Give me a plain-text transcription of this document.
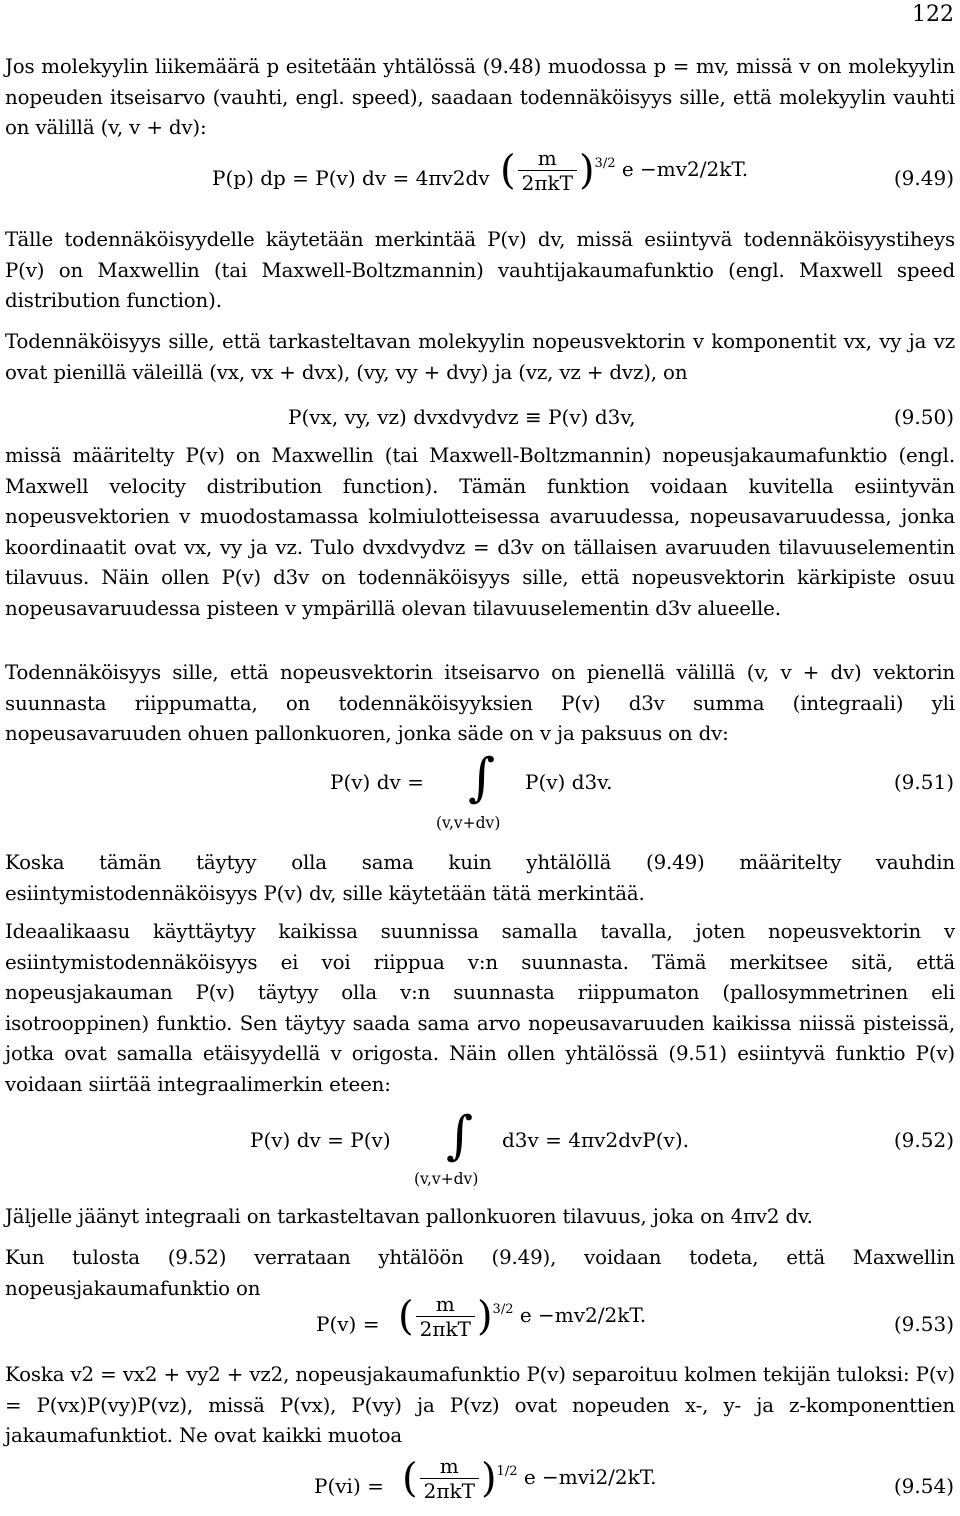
122
Jos molekyylin liikemäärä p esitetään yhtälössä (9.48) muodossa p = mv, missä v on molekyylin nopeuden itseisarvo (vauhti, engl. speed), saadaan todennäköisyys sille, että molekyylin vauhti on välillä (v, v + dv):
P(p) dp = P(v) dv = 4πv2dv ( $\frac{m}{\text{2πkT}} )^{3/2}$ e −mv2/2kT.	(9.49)
Tälle todennäköisyydelle käytetään merkintää P(v) dv, missä esiintyvä todennäköisyystiheys P(v) on Maxwellin (tai Maxwell-Boltzmannin) vauhtijakaumafunktio (engl. Maxwell speed distribution function).
Todennäköisyys sille, että tarkasteltavan molekyylin nopeusvektorin v komponentit vx, vy ja vz ovat pienillä väleillä (vx, vx + dvx), (vy, vy + dvy) ja (vz, vz + dvz), on
P(vx, vy, vz) dvxdvydvz ≡ P(v) d3v,	(9.50)
missä määritelty P(v) on Maxwellin (tai Maxwell-Boltzmannin) nopeusjakaumafunktio (engl. Maxwell velocity distribution function). Tämän funktion voidaan kuvitella esiintyvän nopeusvektorien v muodostamassa kolmiulotteisessa avaruudessa, nopeusavaruudessa, jonka koordinaatit ovat vx, vy ja vz. Tulo dvxdvydvz = d3v on tällaisen avaruuden tilavuuselementin tilavuus. Näin ollen P(v) d3v on todennäköisyys sille, että nopeusvektorin kärkipiste osuu nopeusavaruudessa pisteen v ympärillä olevan tilavuuselementin d3v alueelle.
Todennäköisyys sille, että nopeusvektorin itseisarvo on pienellä välillä (v, v + dv) vektorin suunnasta riippumatta, on todennäköisyyksien P(v) d3v summa (integraali) yli nopeusavaruuden ohuen pallonkuoren, jonka säde on v ja paksuus on dv:
P(v) dv = ∫
(v,v+dv)
P(v) d3v.	(9.51)
Koska tämän täytyy olla sama kuin yhtälöllä (9.49) määritelty vauhdin esiintymistodennäköisyys P(v) dv, sille käytetään tätä merkintää.
Ideaalikaasu käyttäytyy kaikissa suunnissa samalla tavalla, joten nopeusvektorin v esiintymistodennäköisyys ei voi riippua v:n suunnasta. Tämä merkitsee sitä, että nopeusjakauman P(v) täytyy olla v:n suunnasta riippumaton (pallosymmetrinen eli isotrooppinen) funktio. Sen täytyy saada sama arvo nopeusavaruuden kaikissa niissä pisteissä, jotka ovat samalla etäisyydellä v origosta. Näin ollen yhtälössä (9.51) esiintyvä funktio P(v) voidaan siirtää integraalimerkin eteen:
P(v) dv = P(v) ∫
(v,v+dv)
d3v = 4πv2dvP(v).	(9.52)
Jäljelle jäänyt integraali on tarkasteltavan pallonkuoren tilavuus, joka on 4πv2 dv.
Kun tulosta (9.52) verrataan yhtälöön (9.49), voidaan todeta, että Maxwellin nopeusjakaumafunktio on
P(v) = ( $\frac{m}{\text{2πkT}} )^{3/2}$ e −mv2/2kT.	(9.53)
Koska v2 = vx2 + vy2 + vz2, nopeusjakaumafunktio P(v) separoituu kolmen tekijän tuloksi: P(v) = P(vx)P(vy)P(vz), missä P(vx), P(vy) ja P(vz) ovat nopeuden x-, y- ja z-komponenttien jakaumafunktiot. Ne ovat kaikki muotoa
P(vi) = ( $\frac{m}{\text{2πkT}} )^{1/2}$ e −mvi2/2kT.	(9.54)
